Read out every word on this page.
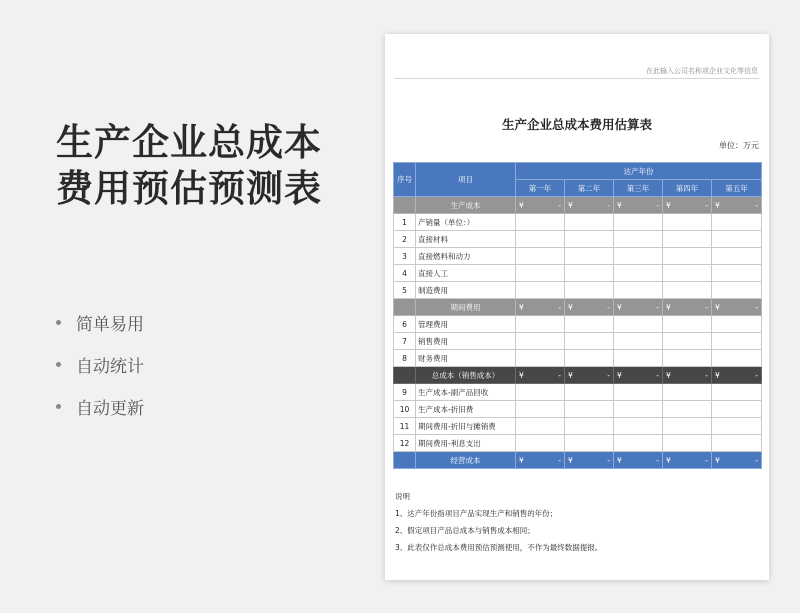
生产企业总成本
费用预估预测表
简单易用
自动统计
自动更新
在此输入公司名称或企业文化等信息
生产企业总成本费用估算表
单位：万元
序号	项目	达产年份				
		第一年	第二年	第三年	第四年	第五年
	生产成本	¥ -	¥ -	¥ -	¥ -	¥ -

1	产销量（单位：）					
2	直接材料					
3	直接燃料和动力					
4	直接人工					
5	制造费用					
	期间费用	¥ -	¥ -	¥ -	¥ -	¥ -

6	管理费用					
7	销售费用					
8	财务费用					
	总成本（销售成本）	¥ -	¥ -	¥ -	¥ -	¥ -

9	生产成本-副产品回收					
10	生产成本-折旧费					
11	期间费用-折旧与摊销费					
12	期间费用-利息支出					
	经营成本	¥ -	¥ -	¥ -	¥ -	¥ -
说明
1、达产年份指项目产品实现生产和销售的年份；
2、假定项目产品总成本与销售成本相同；
3、此表仅作总成本费用预估预测使用，不作为最终数据提报。
